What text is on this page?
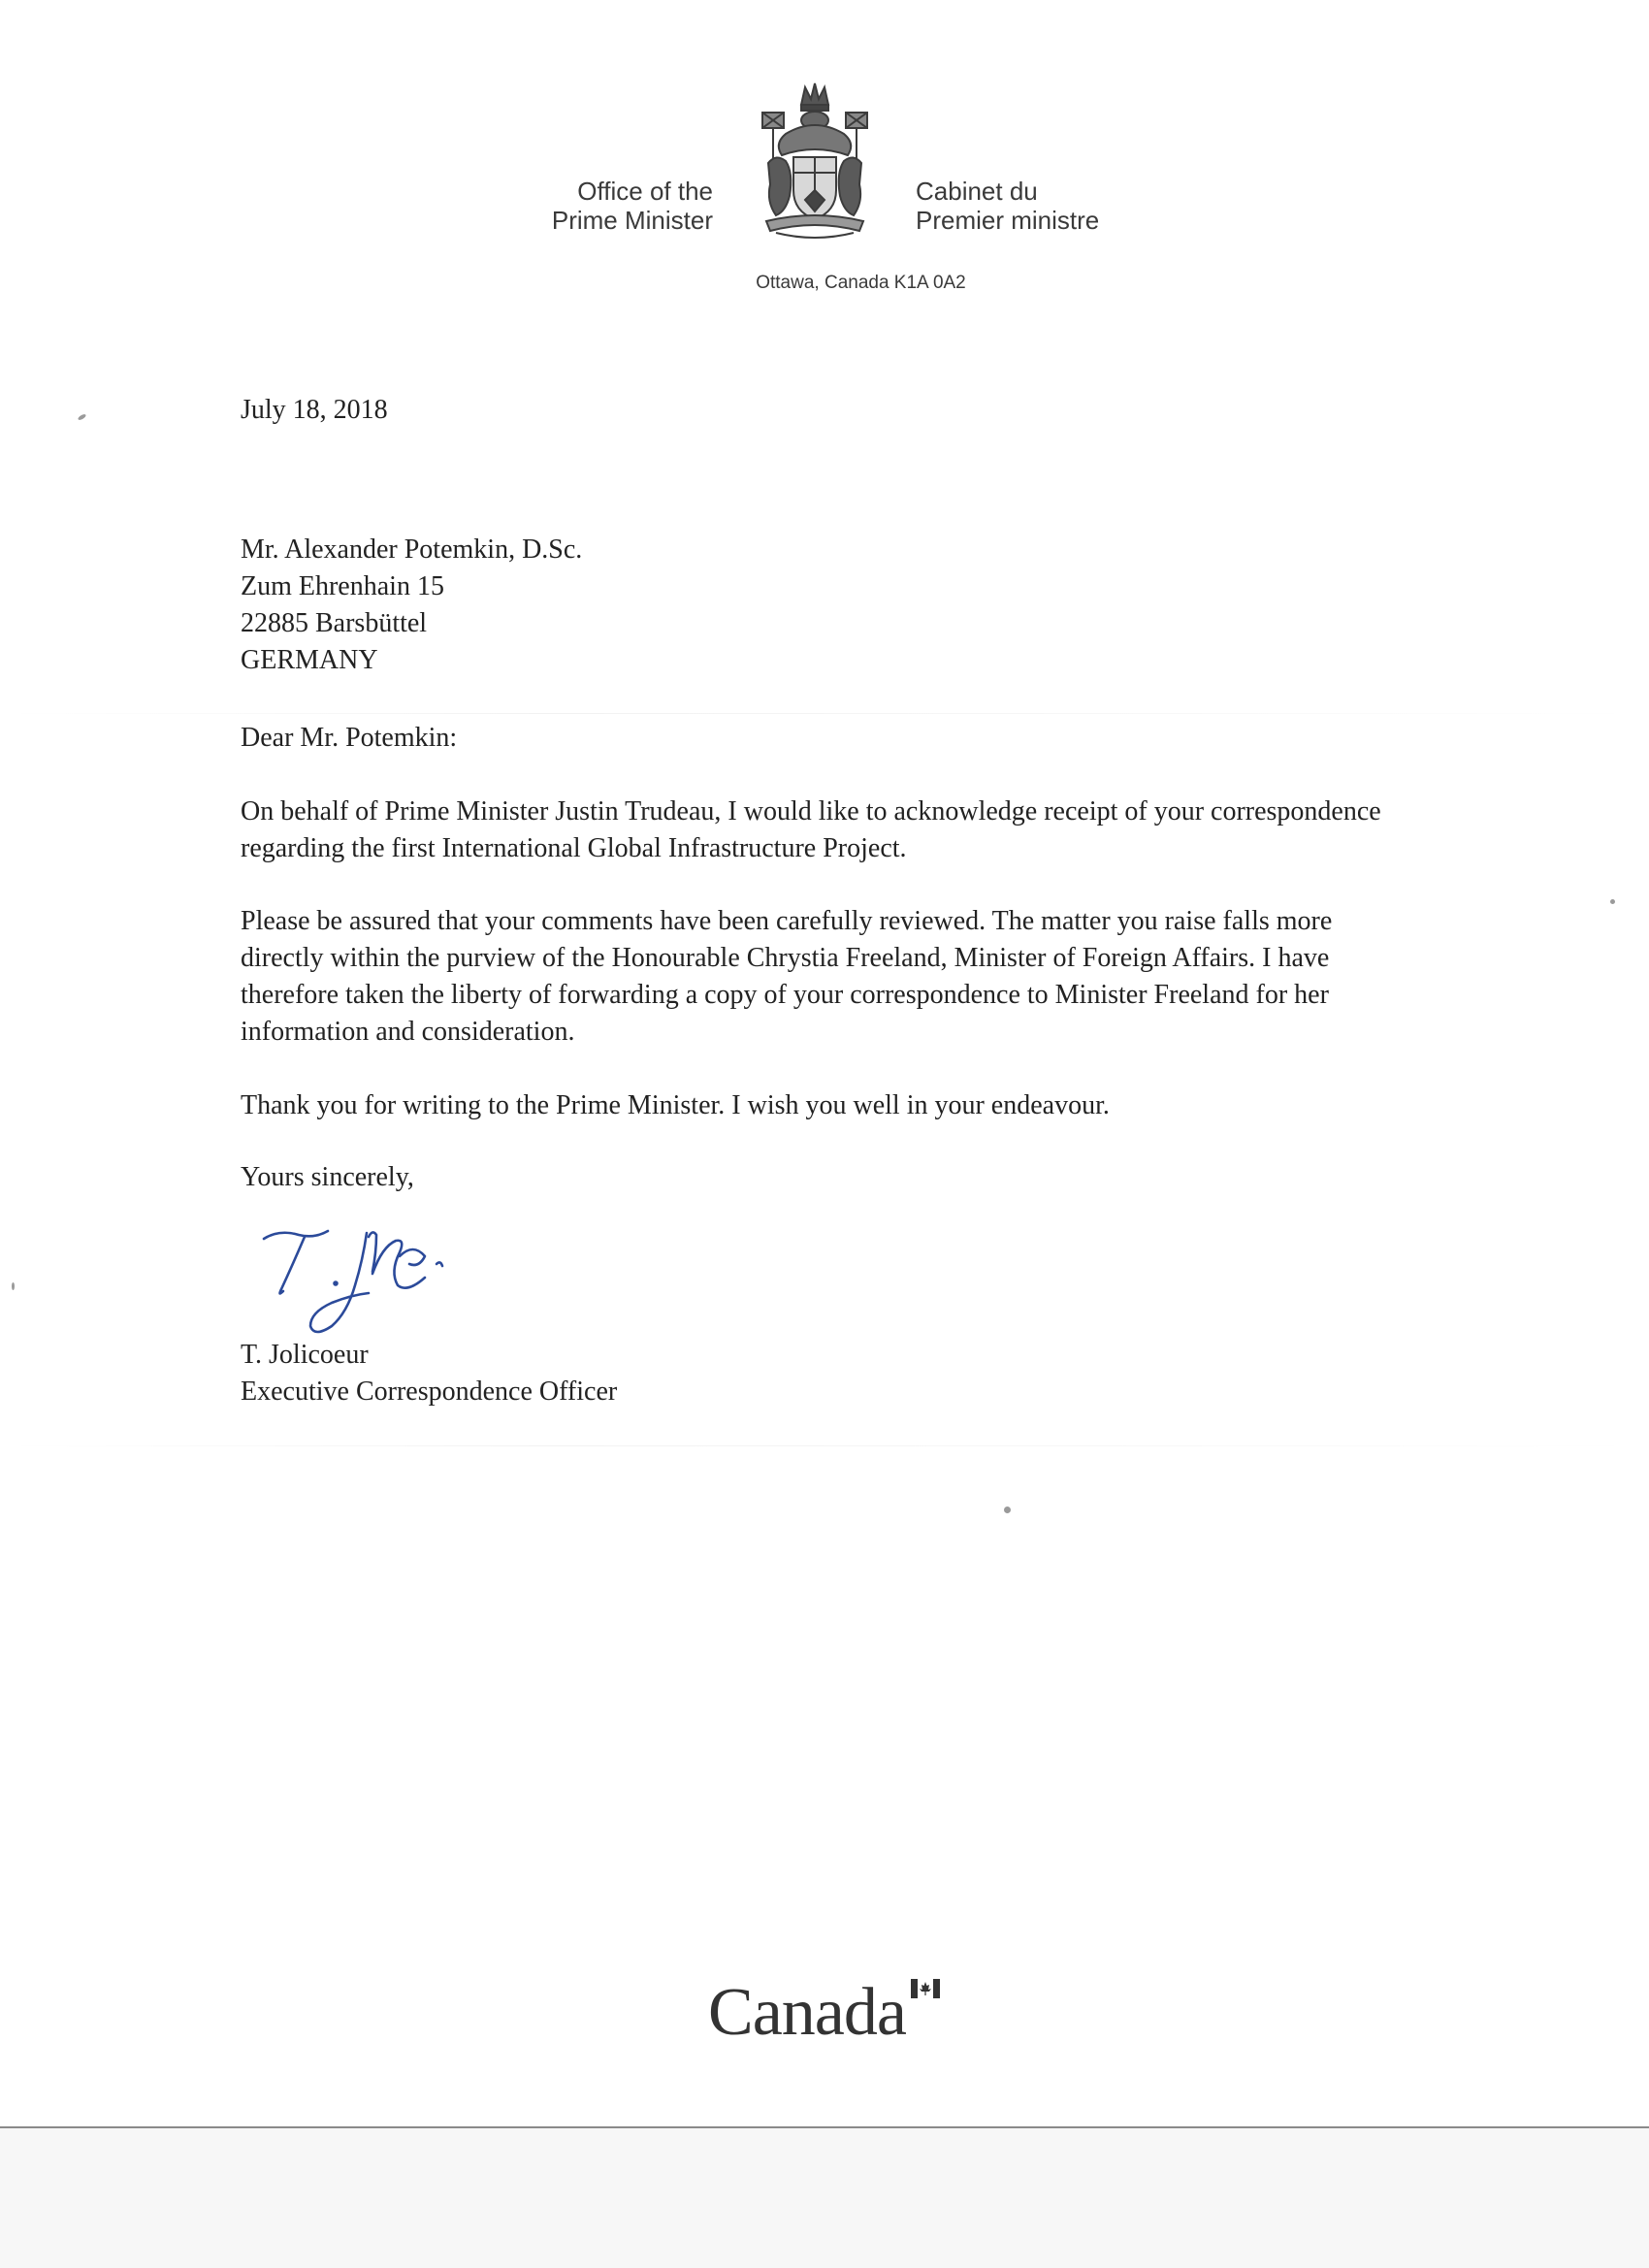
Office of the
Prime Minister
Cabinet du
Premier ministre

Ottawa, Canada K1A 0A2

July 18, 2018

Mr. Alexander Potemkin, D.Sc.
Zum Ehrenhain 15
22885 Barsbüttel
GERMANY

Dear Mr. Potemkin:

On behalf of Prime Minister Justin Trudeau, I would like to acknowledge receipt of your correspondence regarding the first International Global Infrastructure Project.

Please be assured that your comments have been carefully reviewed. The matter you raise falls more directly within the purview of the Honourable Chrystia Freeland, Minister of Foreign Affairs. I have therefore taken the liberty of forwarding a copy of your correspondence to Minister Freeland for her information and consideration.

Thank you for writing to the Prime Minister. I wish you well in your endeavour.

Yours sincerely,

T. Jolicoeur
Executive Correspondence Officer

Canada
